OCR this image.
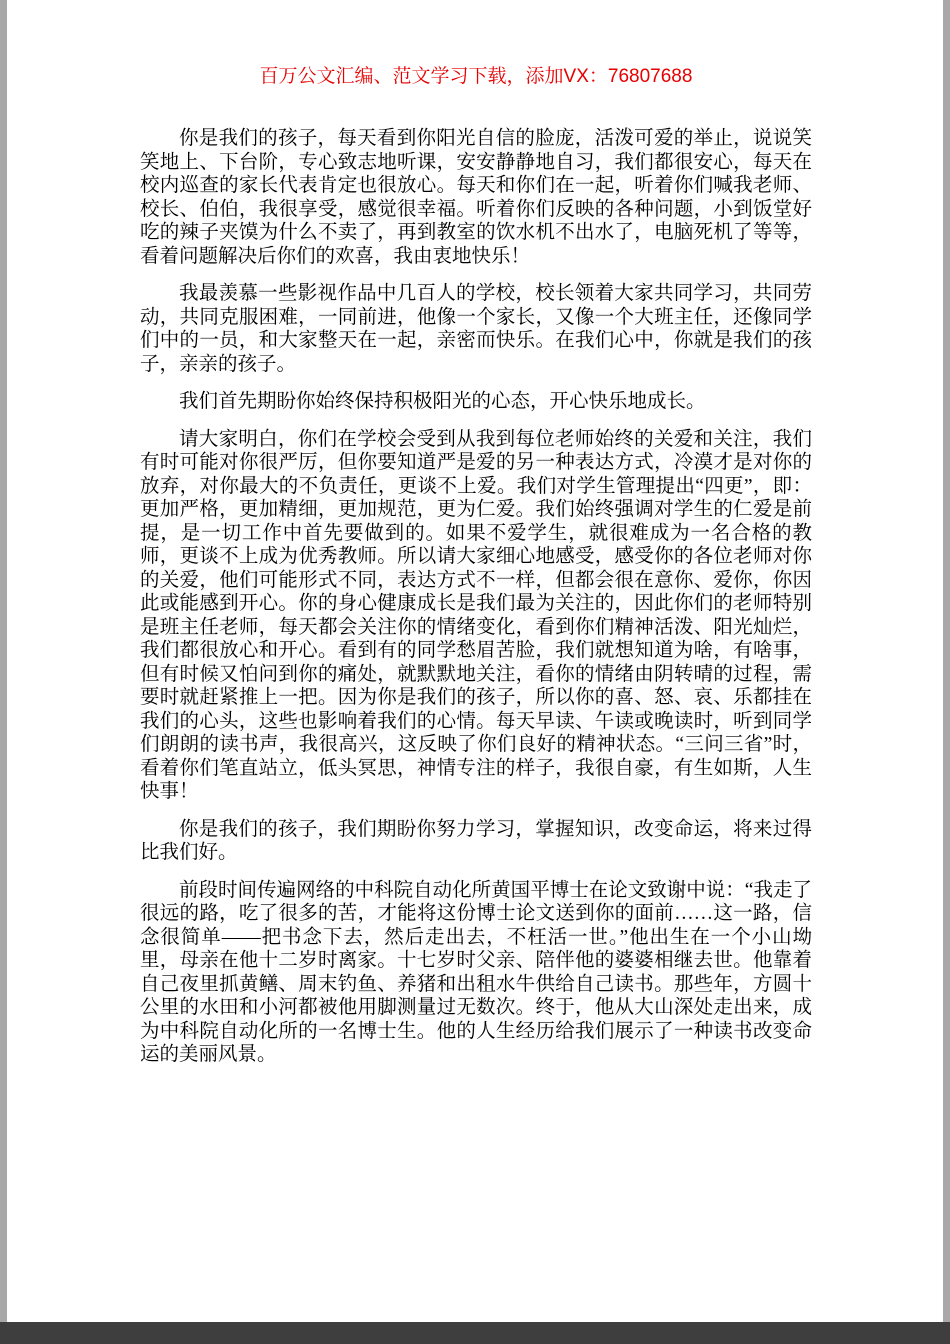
百万公文汇编、范文学习下载，添加VX：76807688

你是我们的孩子，每天看到你阳光自信的脸庞，活泼可爱的举止，说说笑笑地上、下台阶，专心致志地听课，安安静静地自习，我们都很安心，每天在校内巡查的家长代表肯定也很放心。每天和你们在一起，听着你们喊我老师、校长、伯伯，我很享受，感觉很幸福。听着你们反映的各种问题，小到饭堂好吃的辣子夹馍为什么不卖了，再到教室的饮水机不出水了，电脑死机了等等，看着问题解决后你们的欢喜，我由衷地快乐！

我最羡慕一些影视作品中几百人的学校，校长领着大家共同学习，共同劳动，共同克服困难，一同前进，他像一个家长，又像一个大班主任，还像同学们中的一员，和大家整天在一起，亲密而快乐。在我们心中，你就是我们的孩子，亲亲的孩子。

我们首先期盼你始终保持积极阳光的心态，开心快乐地成长。

请大家明白，你们在学校会受到从我到每位老师始终的关爱和关注，我们有时可能对你很严厉，但你要知道严是爱的另一种表达方式，冷漠才是对你的放弃，对你最大的不负责任，更谈不上爱。我们对学生管理提出“四更”，即：更加严格，更加精细，更加规范，更为仁爱。我们始终强调对学生的仁爱是前提，是一切工作中首先要做到的。如果不爱学生，就很难成为一名合格的教师，更谈不上成为优秀教师。所以请大家细心地感受，感受你的各位老师对你的关爱，他们可能形式不同，表达方式不一样，但都会很在意你、爱你，你因此或能感到开心。你的身心健康成长是我们最为关注的，因此你们的老师特别是班主任老师，每天都会关注你的情绪变化，看到你们精神活泼、阳光灿烂，我们都很放心和开心。看到有的同学愁眉苦脸，我们就想知道为啥，有啥事，但有时候又怕问到你的痛处，就默默地关注，看你的情绪由阴转晴的过程，需要时就赶紧推上一把。因为你是我们的孩子，所以你的喜、怒、哀、乐都挂在我们的心头，这些也影响着我们的心情。每天早读、午读或晚读时，听到同学们朗朗的读书声，我很高兴，这反映了你们良好的精神状态。“三问三省”时，看着你们笔直站立，低头冥思，神情专注的样子，我很自豪，有生如斯，人生快事！

你是我们的孩子，我们期盼你努力学习，掌握知识，改变命运，将来过得比我们好。

前段时间传遍网络的中科院自动化所黄国平博士在论文致谢中说：“我走了很远的路，吃了很多的苦，才能将这份博士论文送到你的面前……这一路，信念很简单——把书念下去，然后走出去，不枉活一世。”他出生在一个小山坳里，母亲在他十二岁时离家。十七岁时父亲、陪伴他的婆婆相继去世。他靠着自己夜里抓黄鳝、周末钓鱼、养猪和出租水牛供给自己读书。那些年，方圆十公里的水田和小河都被他用脚测量过无数次。终于，他从大山深处走出来，成为中科院自动化所的一名博士生。他的人生经历给我们展示了一种读书改变命运的美丽风景。
